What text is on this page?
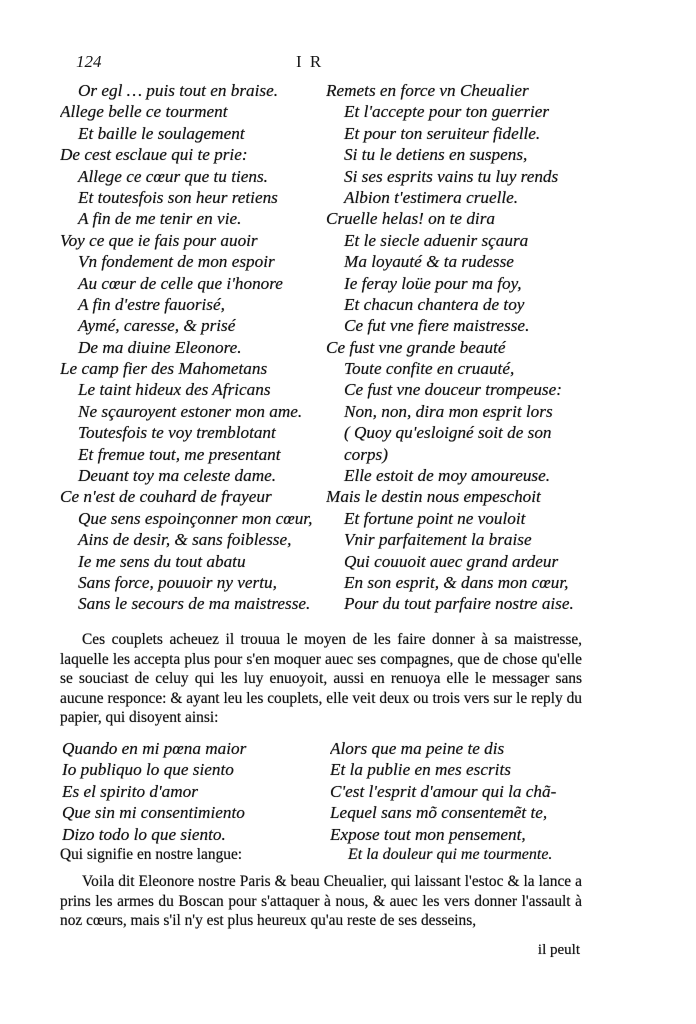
124	I R
Or egl … puis tout en braise.
Allege belle ce tourment
Et baille le soulagement
De cest esclaue qui te prie:
Allege ce cœur que tu tiens.
Et toutesfois son heur retiens
A fin de me tenir en vie.
Voy ce que ie fais pour auoir
Vn fondement de mon espoir
Au cœur de celle que i'honore
A fin d'estre fauorisé,
Aymé, caresse, & prisé
De ma diuine Eleonore.
Le camp fier des Mahometans
Le taint hideux des Africans
Ne sçauroyent estoner mon ame.
Toutesfois te voy tremblotant
Et fremue tout, me presentant
Deuant toy ma celeste dame.
Ce n'est de couhard de frayeur
Que sens espoinçonner mon cœur,
Ains de desir, & sans foiblesse,
Ie me sens du tout abatu
Sans force, pouuoir ny vertu,
Sans le secours de ma maistresse.
Remets en force vn Cheualier
Et l'accepte pour ton guerrier
Et pour ton seruiteur fidelle.
Si tu le detiens en suspens,
Si ses esprits vains tu luy rends
Albion t'estimera cruelle.
Cruelle helas! on te dira
Et le siecle aduenir sçaura
Ma loyauté & ta rudesse
Ie feray loüe pour ma foy,
Et chacun chantera de toy
Ce fut vne fiere maistresse.
Ce fust vne grande beauté
Toute confite en cruauté,
Ce fust vne douceur trompeuse:
Non, non, dira mon esprit lors
( Quoy qu'esloigné soit de son
corps)
Elle estoit de moy amoureuse.
Mais le destin nous empeschoit
Et fortune point ne vouloit
Vnir parfaitement la braise
Qui couuoit auec grand ardeur
En son esprit, & dans mon cœur,
Pour du tout parfaire nostre aise.

Ces couplets acheuez il trouua le moyen de les faire donner à sa maistresse, laquelle les accepta plus pour s'en moquer auec ses compagnes, que de chose qu'elle se souciast de celuy qui les luy enuoyoit, aussi en renuoya elle le messager sans aucune responce: & ayant leu les couplets, elle veit deux ou trois vers sur le reply du papier, qui disoyent ainsi:

Quando en mi pœna maior
Io publiquo lo que siento
Es el spirito d'amor
Que sin mi consentimiento
Dizo todo lo que siento.
Alors que ma peine te dis
Et la publie en mes escrits
C'est l'esprit d'amour qui la chã-
Lequel sans mõ consentemẽt te,
Expose tout mon pensement,
Qui signifie en nostre langue:	Et la douleur qui me tourmente.

Voila dit Eleonore nostre Paris & beau Cheualier, qui laissant l'estoc & la lance a prins les armes du Boscan pour s'attaquer à nous, & auec les vers donner l'assault à noz cœurs, mais s'il n'y est plus heureux qu'au reste de ses desseins,

il peult
